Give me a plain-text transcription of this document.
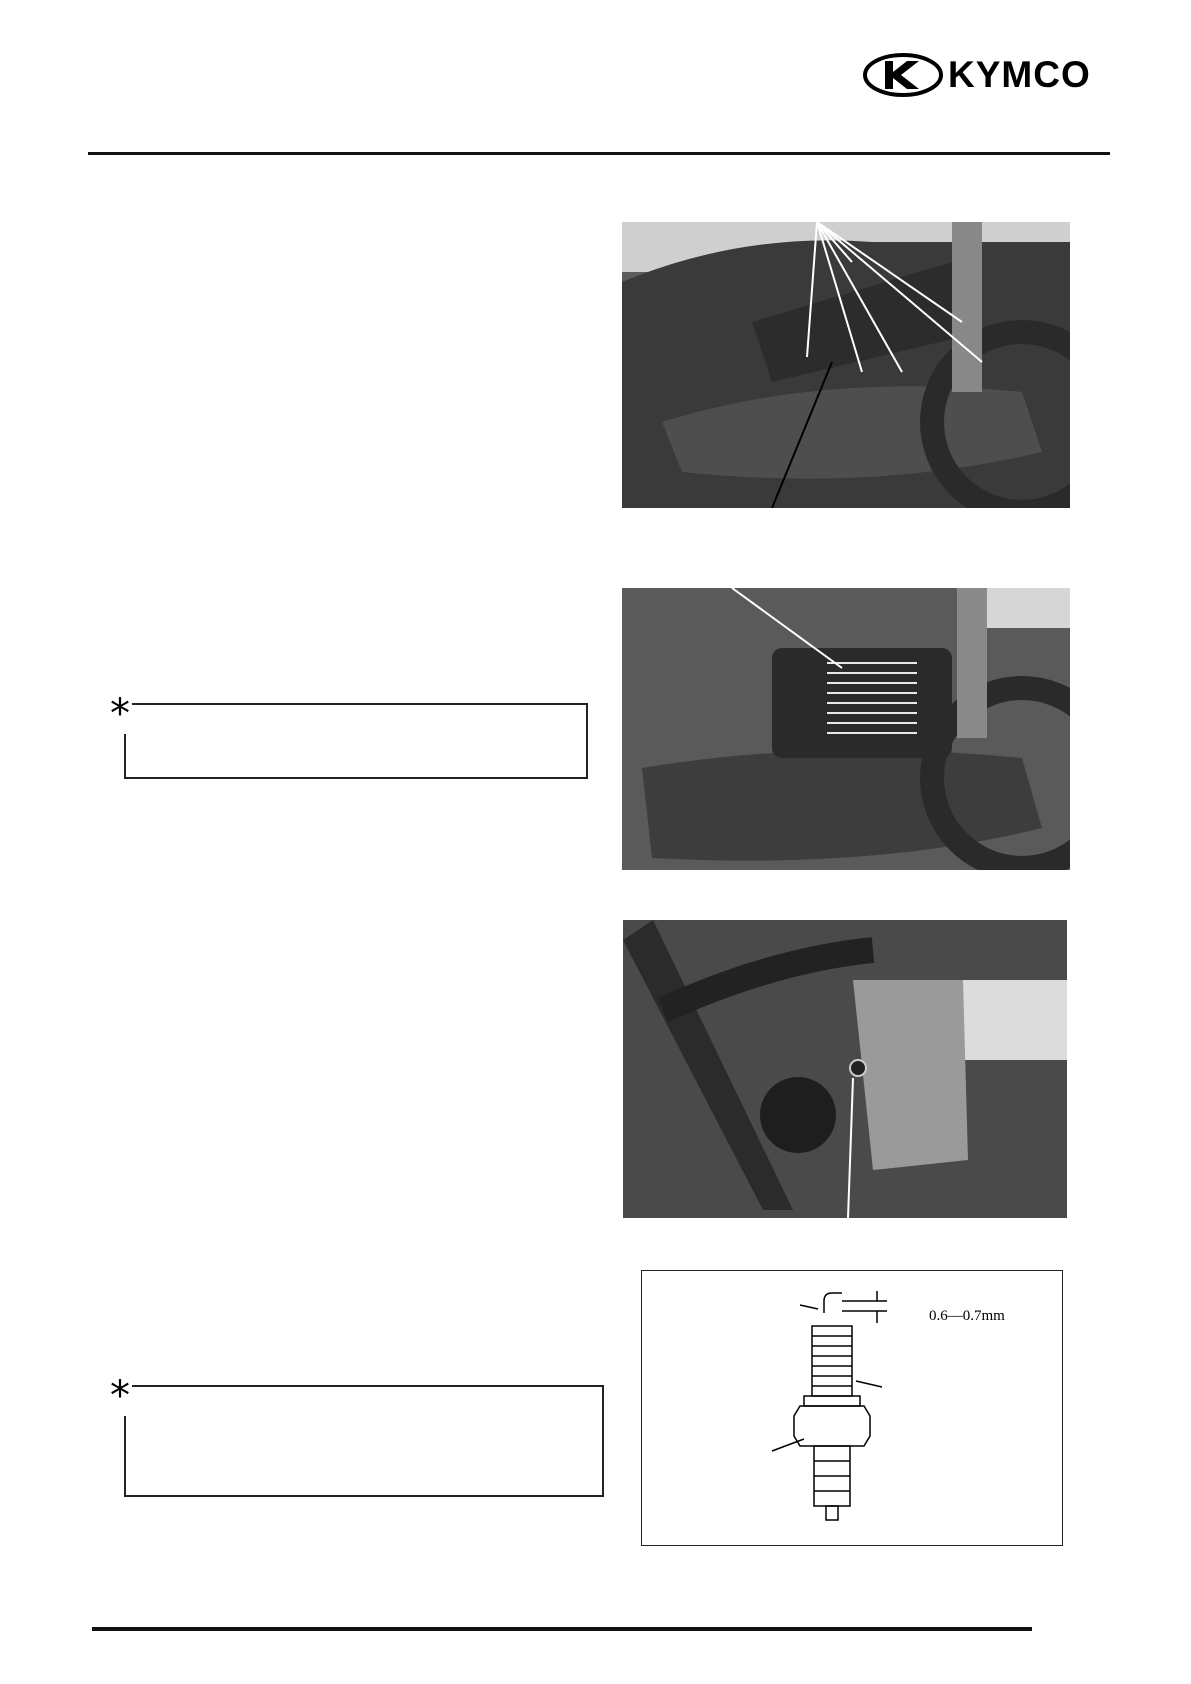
KYMCO
0.6—0.7mm
*
*
